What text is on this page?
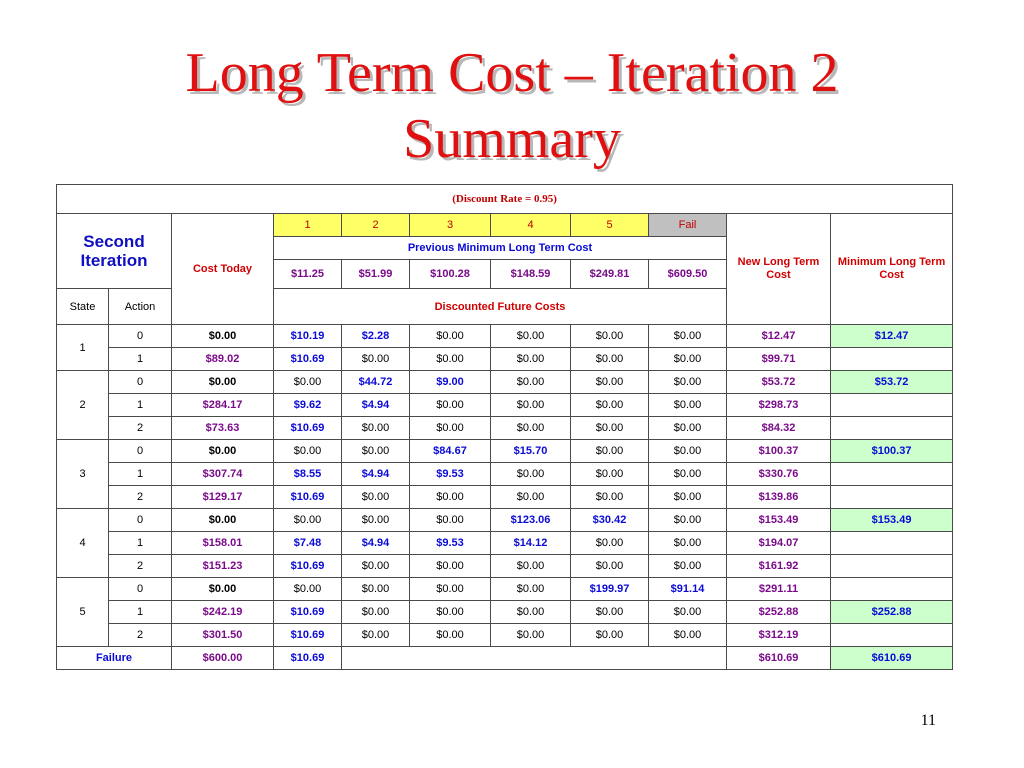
Long Term Cost – Iteration 2
Summary
(Discount Rate = 0.95)										
Second Iteration		Cost Today	1	2	3	4	5	Fail	New Long Term Cost	Minimum Long Term Cost
			Previous Minimum Long Term Cost							
			$11.25	$51.99	$100.28	$148.59	$249.81	$609.50		
State	Action		Discounted Future Costs							
1	0	$0.00	$10.19	$2.28	$0.00	$0.00	$0.00	$0.00	$12.47	$12.47
	1	$89.02	$10.69	$0.00	$0.00	$0.00	$0.00	$0.00	$99.71	
2	0	$0.00	$0.00	$44.72	$9.00	$0.00	$0.00	$0.00	$53.72	$53.72
	1	$284.17	$9.62	$4.94	$0.00	$0.00	$0.00	$0.00	$298.73	
	2	$73.63	$10.69	$0.00	$0.00	$0.00	$0.00	$0.00	$84.32	
3	0	$0.00	$0.00	$0.00	$84.67	$15.70	$0.00	$0.00	$100.37	$100.37
	1	$307.74	$8.55	$4.94	$9.53	$0.00	$0.00	$0.00	$330.76	
	2	$129.17	$10.69	$0.00	$0.00	$0.00	$0.00	$0.00	$139.86	
4	0	$0.00	$0.00	$0.00	$0.00	$123.06	$30.42	$0.00	$153.49	$153.49
	1	$158.01	$7.48	$4.94	$9.53	$14.12	$0.00	$0.00	$194.07	
	2	$151.23	$10.69	$0.00	$0.00	$0.00	$0.00	$0.00	$161.92	
5	0	$0.00	$0.00	$0.00	$0.00	$0.00	$199.97	$91.14	$291.11	
	1	$242.19	$10.69	$0.00	$0.00	$0.00	$0.00	$0.00	$252.88	$252.88
	2	$301.50	$10.69	$0.00	$0.00	$0.00	$0.00	$0.00	$312.19	
Failure		$600.00	$10.69						$610.69	$610.69
11
